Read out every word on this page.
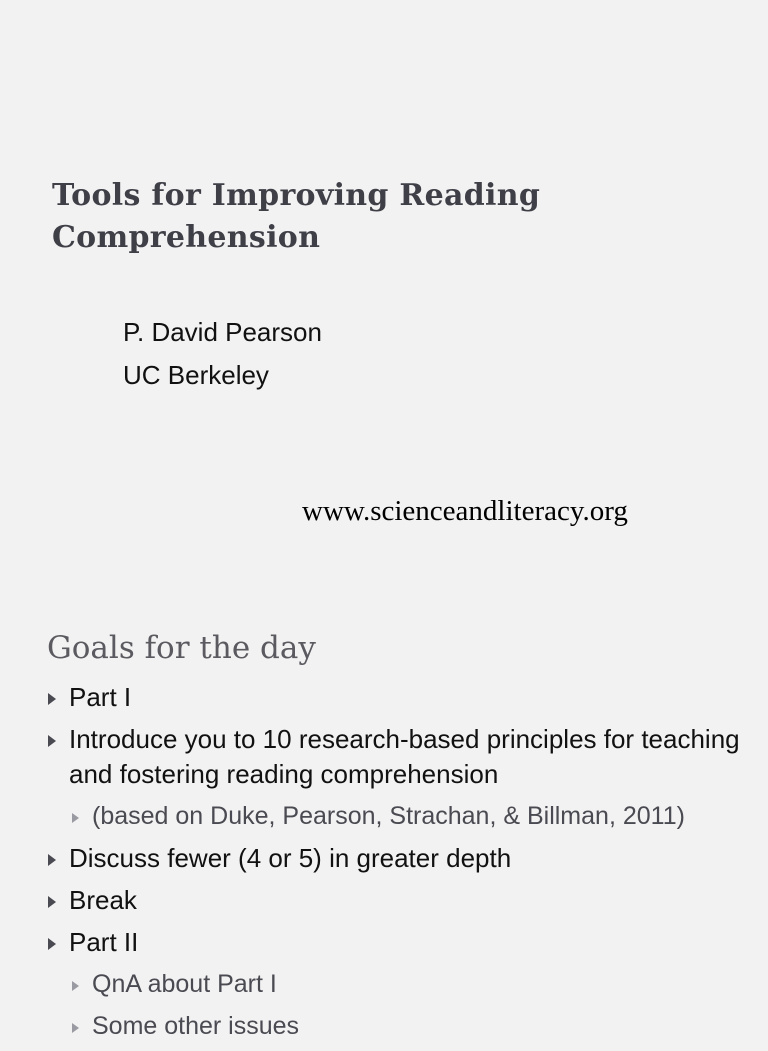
Tools for Improving Reading
Comprehension
P. David Pearson
UC Berkeley
www.scienceandliteracy.org
Goals for the day
Part I
Introduce you to 10 research-based principles for teaching and fostering reading comprehension
(based on Duke, Pearson, Strachan, & Billman, 2011)
Discuss fewer (4 or 5) in greater depth
Break
Part II
QnA about Part I
Some other issues
